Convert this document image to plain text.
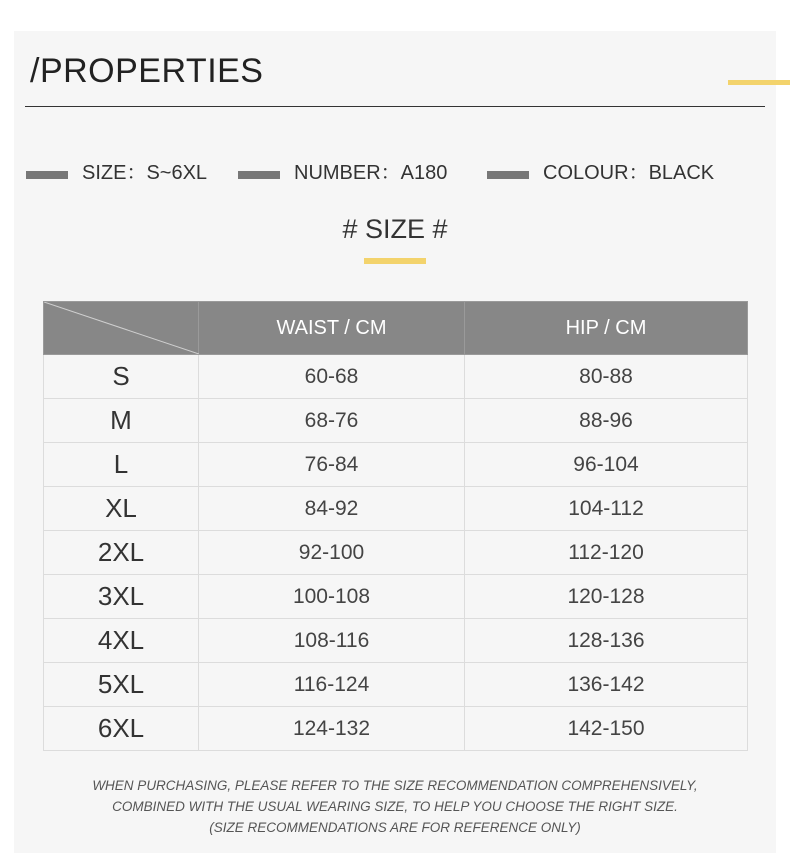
/PROPERTIES
SIZE：S~6XL	NUMBER：A180	COLOUR：BLACK
# SIZE #
	WAIST / CM	HIP / CM
S	60-68	80-88
M	68-76	88-96
L	76-84	96-104
XL	84-92	104-112
2XL	92-100	112-120
3XL	100-108	120-128
4XL	108-116	128-136
5XL	116-124	136-142
6XL	124-132	142-150
WHEN PURCHASING, PLEASE REFER TO THE SIZE RECOMMENDATION COMPREHENSIVELY,
COMBINED WITH THE USUAL WEARING SIZE, TO HELP YOU CHOOSE THE RIGHT SIZE.
(SIZE RECOMMENDATIONS ARE FOR REFERENCE ONLY)
